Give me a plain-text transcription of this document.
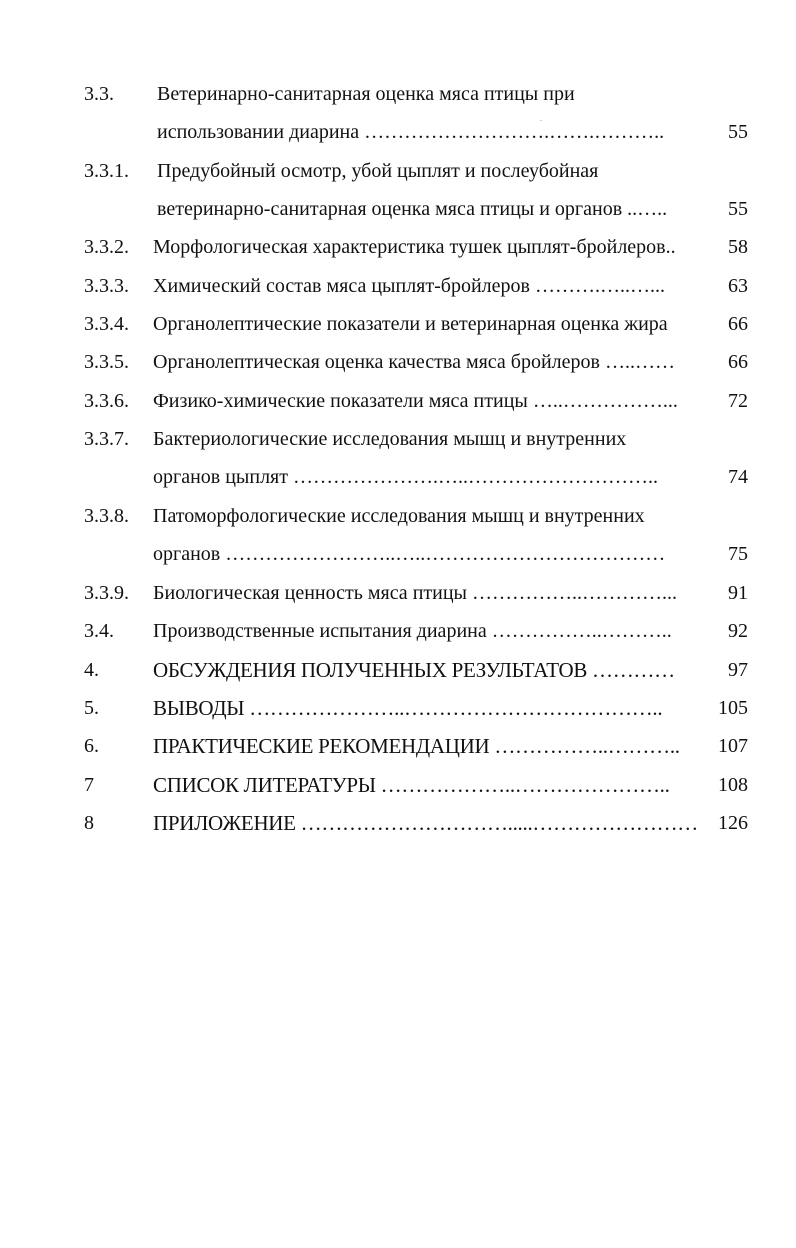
3.3. Ветеринарно-санитарная оценка мяса птицы при
использовании диарина ……………………….…….………..	55
3.3.1. Предубойный осмотр, убой цыплят и послеубойная
ветеринарно-санитарная оценка мяса птицы и органов ..…..	55
3.3.2. Морфологическая характеристика тушек цыплят-бройлеров..	58
3.3.3. Химический состав мяса цыплят-бройлеров ……….…..…...	63
3.3.4. Органолептические показатели и ветеринарная оценка жира	66
3.3.5. Органолептическая оценка качества мяса бройлеров …..……	66
3.3.6. Физико-химические показатели мяса птицы …..……………...	72
3.3.7. Бактериологические исследования мышц и внутренних
органов цыплят ………………….…..………………………..	74
3.3.8. Патоморфологические исследования мышц и внутренних
органов ……………………..…..………………………………	75
3.3.9. Биологическая ценность мяса птицы ……………..…………...	91
3.4. Производственные испытания диарина ……………..………..	92
4.	ОБСУЖДЕНИЯ ПОЛУЧЕННЫХ РЕЗУЛЬТАТОВ …………	97
5.	ВЫВОДЫ …………………..………………………………..	105
6.	ПРАКТИЧЕСКИЕ РЕКОМЕНДАЦИИ ……………..………..	107
7	СПИСОК ЛИТЕРАТУРЫ ………………..…………………..	108
8	ПРИЛОЖЕНИЕ ………………………….....……………………	126
